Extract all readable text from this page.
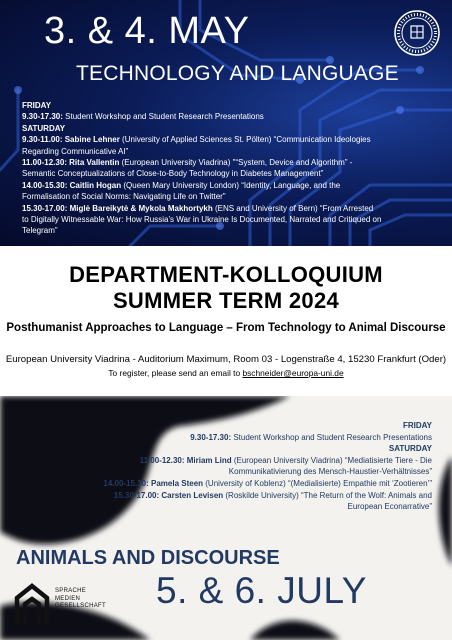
3. & 4. MAY
TECHNOLOGY AND LANGUAGE
FRIDAY
9.30-17.30: Student Workshop and Student Research Presentations
SATURDAY
9.30-11.00: Sabine Lehner (University of Applied Sciences St. Pölten) “Communication Ideologies Regarding Communicative AI”
11.00-12.30: Rita Vallentin (European University Viadrina) "“System, Device and Algorithm” - Semantic Conceptualizations of Close-to-Body Technology in Diabetes Management”
14.00-15.30: Caitlin Hogan (Queen Mary University London) “Identity, Language, and the Formalisation of Social Norms: Navigating Life on Twitter”
15.30-17.00: Miglė Bareikytė & Mykola Makhortykh (ENS and University of Bern) “From Arrested to Digitally Witnessable War: How Russia’s War in Ukraine Is Documented, Narrated and Critiqued on Telegram”
DEPARTMENT-KOLLOQUIUM
SUMMER TERM 2024

Posthumanist Approaches to Language – From Technology to Animal Discourse

European University Viadrina - Auditorium Maximum, Room 03 - Logenstraße 4, 15230 Frankfurt (Oder)

To register, please send an email to bschneider@europa-uni.de

FRIDAY
9.30-17.30: Student Workshop and Student Research Presentations
SATURDAY
11.00-12.30: Miriam Lind (European University Viadrina) “Mediatisierte Tiere - Die Kommunikativierung des Mensch-Haustier-Verhältnisses”
14.00-15.30: Pamela Steen (University of Koblenz) “(Medialisierte) Empathie mit ‘Zootieren’”
15.30-17.00: Carsten Levisen (Roskilde University) “The Return of the Wolf: Animals and European Econarrative”
ANIMALS AND DISCOURSE
5. & 6. JULY
SPRACHE
MEDIEN
GESELLSCHAFT
